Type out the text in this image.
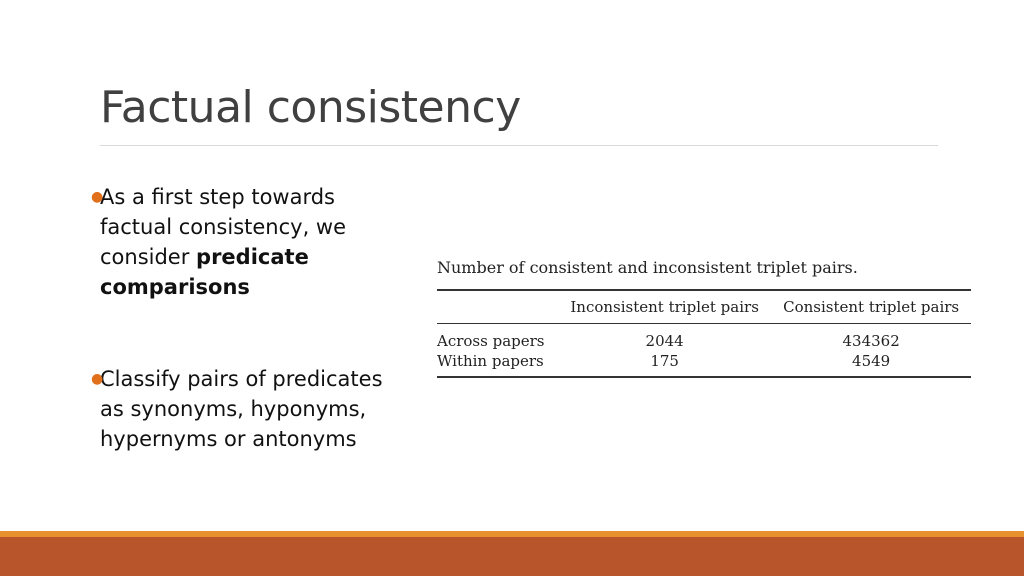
Factual consistency
●
As a first step towards factual consistency, we consider predicate comparisons
●
Classify pairs of predicates as synonyms, hyponyms, hypernyms or antonyms
Number of consistent and inconsistent triplet pairs.
	Inconsistent triplet pairs	Consistent triplet pairs
Across papers	2044	434362
Within papers	175	4549
